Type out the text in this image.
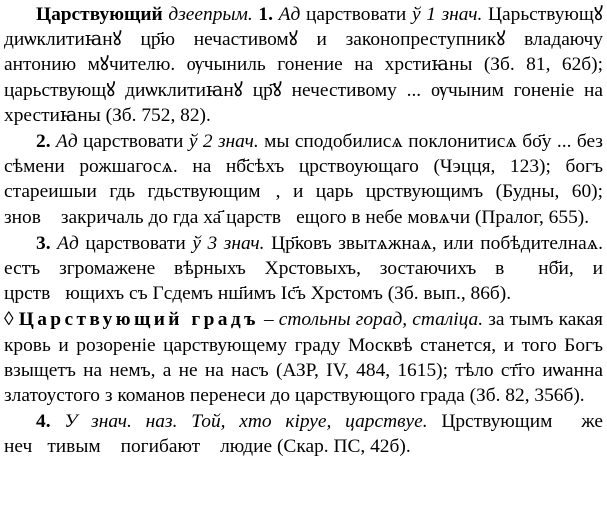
Царствующий дзеепрым. 1. Ад царствовати ў 1 знач. Царьствующꙋ диѡклитиꙗнꙋ цр҃ю нечастивомꙋ и законопреступникꙋ владаючу антонию мꙋчителю. ѹчыниль гонение на хрстиꙗны (Зб. 81, 62б); царьствующꙋ диѡклитиꙗнꙋ цр҃ꙋ нечестивому ... ѹчыним гоненіе на хрестиꙗны (Зб. 752, 82).

2. Ад царствовати ў 2 знач. мы сподобилисѧ поклонитисѧ бо҃у ... без сѣмени рожшагосѧ. на нб҃сѣхъ црствоующаго (Чэцця, 123); богъ стареишыи гдь гдьствующимⷭ, и царь црствующимъ (Будны, 60); зновꙋ закричаль до гда ха҃ царствꙋещого в небе мовѧчи (Пралог, 655).

3. Ад царствовати ў 3 знач. Цр҃ковъ звытѧжнаѧ, или побѣдителнаѧ. естъ згромажене вѣрныхъ Хрстовыхъ, зостаючихъ вⷭ нб҃и, и црствꙋющихъ съ Гсдемъ нш҃имъ Іс҃ъ Хрстомъ (Зб. вып., 86б).

◊ Царствующий градъ – стольны горад, сталіца. за тымъ какая кровь и розореніе царствующему граду Москвѣ станется, и того Богъ взыщетъ на немъ, а не на насъ (АЗР, IV, 484, 1615); тѣло ст҃го иѡанна златоустого з команов перенеси до царствующого града (Зб. 82, 356б).

4. У знач. наз. Той, хто кіруе, царствуе. Црствующимⷭ же нечⷭтивымⷭ погибаютⷭ людие (Скар. ПС, 42б).
